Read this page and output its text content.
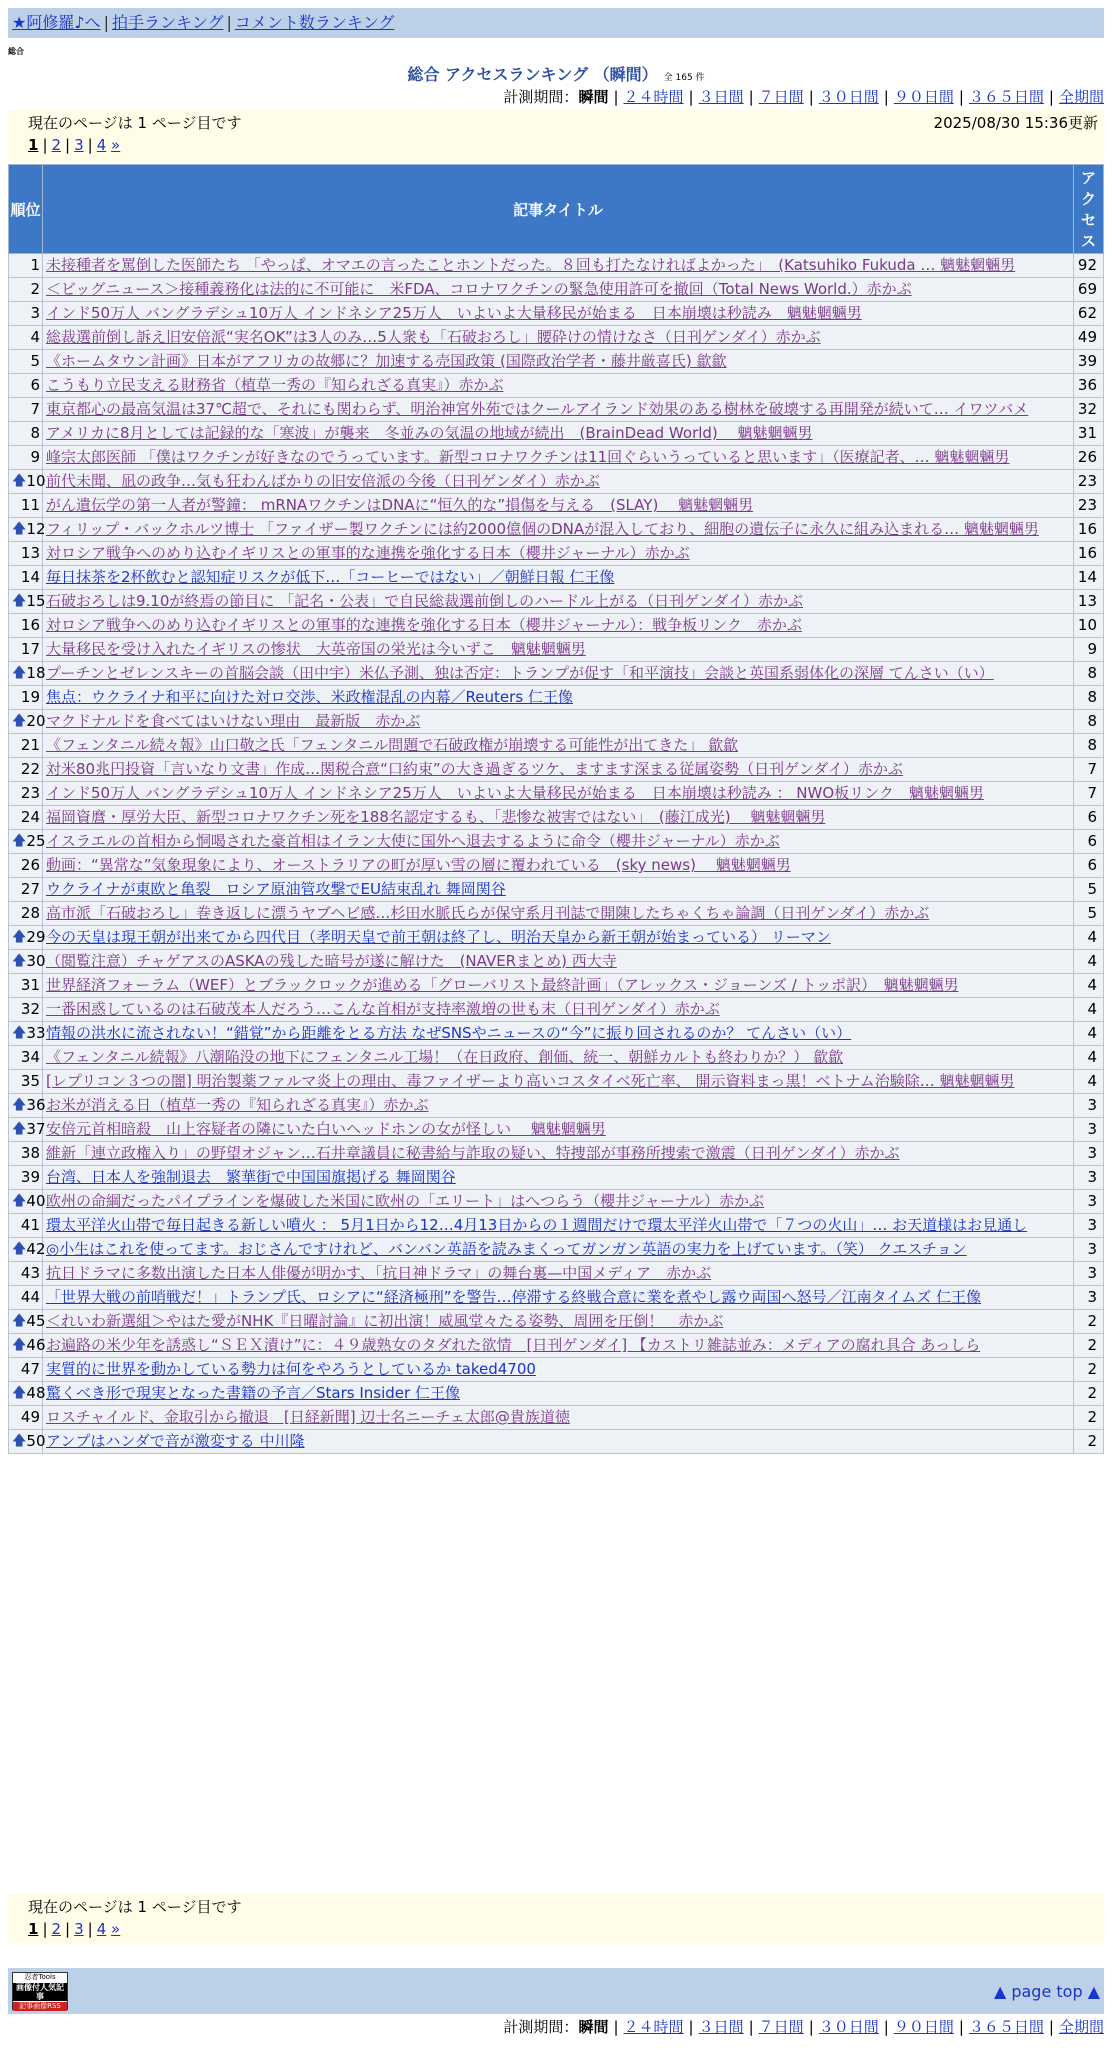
★阿修羅♪へ | 拍手ランキング | コメント数ランキング
総合
総合 アクセスランキング （瞬間） 全 165 件
計測期間：瞬間 | ２４時間 | ３日間 | ７日間 | ３０日間 | ９０日間 | ３６５日間 | 全期間
現在のページは 1 ページ目です
1 | 2 | 3 | 4 »
2025/08/30 15:36更新
順位	記事タイトル	アクセス
1	未接種者を罵倒した医師たち 「やっぱ、オマエの言ったことホントだった。８回も打たなければよかった」　(Katsuhiko Fukuda … 魑魅魍魎男	92
2	＜ビッグニュース＞接種義務化は法的に不可能に　米FDA、コロナワクチンの緊急使用許可を撤回（Total News World.）赤かぶ	69
3	インド50万人 バングラデシュ10万人 インドネシア25万人　いよいよ大量移民が始まる　日本崩壊は秒読み　魑魅魍魎男	62
4	総裁選前倒し訴え旧安倍派“実名OK”は3人のみ…5人衆も「石破おろし」腰砕けの情けなさ（日刊ゲンダイ）赤かぶ	49
5	《ホームタウン計画》日本がアフリカの故郷に？加速する売国政策 (国際政治学者・藤井厳喜氏) 歙歙	39
6	こうもり立民支える財務省（植草一秀の『知られざる真実』）赤かぶ	36
7	東京都心の最高気温は37℃超で、それにも関わらず、明治神宮外苑ではクールアイランド効果のある樹林を破壊する再開発が続いて… イワツバメ	32
8	アメリカに8月としては記録的な「寒波」が襲来　冬並みの気温の地域が続出　(BrainDead World)　 魑魅魍魎男	31
9	峰宗太郎医師 「僕はワクチンが好きなのでうっています。新型コロナワクチンは11回ぐらいうっていると思います」（医療記者、… 魑魅魍魎男	26

🡅 10	前代未聞、凪の政争…気も狂わんばかりの旧安倍派の今後（日刊ゲンダイ）赤かぶ	23
11	がん遺伝学の第一人者が警鐘： mRNAワクチンはDNAに“恒久的な”損傷を与える　(SLAY)　 魑魅魍魎男	23

🡅 12	フィリップ・バックホルツ博士 「ファイザー製ワクチンには約2000億個のDNAが混入しており、細胞の遺伝子に永久に組み込まれる… 魑魅魍魎男	16
13	対ロシア戦争へのめり込むイギリスとの軍事的な連携を強化する日本（櫻井ジャーナル）赤かぶ	16
14	毎日抹茶を2杯飲むと認知症リスクが低下…「コーヒーではない」／朝鮮日報 仁王像	14

🡅 15	石破おろしは9.10が終焉の節目に 「記名・公表」で自民総裁選前倒しのハードル上がる（日刊ゲンダイ）赤かぶ	13
16	対ロシア戦争へのめり込むイギリスとの軍事的な連携を強化する日本（櫻井ジャーナル）：戦争板リンク　赤かぶ	10
17	大量移民を受け入れたイギリスの惨状　大英帝国の栄光は今いずこ　魑魅魍魎男	9

🡅 18	プーチンとゼレンスキーの首脳会談（田中宇）米仏予測、独は否定：トランプが促す「和平演技」会談と英国系弱体化の深層 てんさい（い）	8
19	焦点：ウクライナ和平に向けた対ロ交渉、米政権混乱の内幕／Reuters 仁王像	8

🡅 20	マクドナルドを食べてはいけない理由　最新版　赤かぶ	8
21	《フェンタニル続々報》山口敬之氏「フェンタニル問題で石破政権が崩壊する可能性が出てきた」 歙歙	8
22	対米80兆円投資「言いなり文書」作成…関税合意“口約束”の大き過ぎるツケ、ますます深まる従属姿勢（日刊ゲンダイ）赤かぶ	7
23	インド50万人 バングラデシュ10万人 インドネシア25万人　いよいよ大量移民が始まる　日本崩壊は秒読み ： NWO板リンク　魑魅魍魎男	7
24	福岡資麿・厚労大臣、新型コロナワクチン死を188名認定するも、「悲惨な被害ではない」　(藤江成光)　 魑魅魍魎男	6

🡅 25	イスラエルの首相から恫喝された豪首相はイラン大使に国外へ退去するように命令（櫻井ジャーナル）赤かぶ	6
26	動画：“異常な”気象現象により、オーストラリアの町が厚い雪の層に覆われている　(sky news)　 魑魅魍魎男	6
27	ウクライナが東欧と亀裂　ロシア原油管攻撃でEU結束乱れ 舞岡関谷	5
28	高市派「石破おろし」巻き返しに漂うヤブヘビ感…杉田水脈氏らが保守系月刊誌で開陳したちゃくちゃ論調（日刊ゲンダイ）赤かぶ	5

🡅 29	今の天皇は現王朝が出来てから四代目（孝明天皇で前王朝は終了し、明治天皇から新王朝が始まっている） リーマン	4

🡅 30	（閲覧注意）チャゲアスのASKAの残した暗号が遂に解けた　(NAVERまとめ) 西大寺	4
31	世界経済フォーラム（WEF）とブラックロックが進める「グローバリスト最終計画」（アレックス・ジョーンズ / トッポ訳）　魑魅魍魎男	4
32	一番困惑しているのは石破茂本人だろう…こんな首相が支持率激増の世も末（日刊ゲンダイ）赤かぶ	4

🡅 33	情報の洪水に流されない！“錯覚”から距離をとる方法 なぜSNSやニュースの“今”に振り回されるのか？ てんさい（い）	4
34	《フェンタニル続報》八潮陥没の地下にフェンタニル工場！（在日政府、創価、統一、朝鮮カルトも終わりか？） 歙歙	4
35	[レプリコン３つの闇] 明治製薬ファルマ炎上の理由、毒ファイザーより高いコスタイベ死亡率、 開示資料まっ黒！ベトナム治験除… 魑魅魍魎男	4

🡅 36	お米が消える日（植草一秀の『知られざる真実』）赤かぶ	3

🡅 37	安倍元首相暗殺　山上容疑者の隣にいた白いヘッドホンの女が怪しい　 魑魅魍魎男	3
38	維新「連立政権入り」の野望オジャン…石井章議員に秘書給与詐取の疑い、特捜部が事務所捜索で激震（日刊ゲンダイ）赤かぶ	3
39	台湾、日本人を強制退去　繁華街で中国国旗掲げる 舞岡関谷	3

🡅 40	欧州の命綱だったパイプラインを爆破した米国に欧州の「エリート」はへつらう（櫻井ジャーナル）赤かぶ	3
41	環太平洋火山帯で毎日起きる新しい噴火 ： 5月1日から12…4月13日からの１週間だけで環太平洋火山帯で「７つの火山」… お天道様はお見通し	3

🡅 42	◎小生はこれを使ってます。おじさんですけれど、バンバン英語を読みまくってガンガン英語の実力を上げています。（笑） クエスチョン	3
43	抗日ドラマに多数出演した日本人俳優が明かす、「抗日神ドラマ」の舞台裏—中国メディア　赤かぶ	3
44	「世界大戦の前哨戦だ！」トランプ氏、ロシアに“経済極刑”を警告…停滞する終戦合意に業を煮やし露ウ両国へ怒号／江南タイムズ 仁王像	3

🡅 45	＜れいわ新選組＞やはた愛がNHK『日曜討論』に初出演！威風堂々たる姿勢、周囲を圧倒！　赤かぶ	2

🡅 46	お遍路の米少年を誘惑し“ＳＥＸ漬け”に：４９歳熟女のタダれた欲情　[日刊ゲンダイ] 【カストリ雑誌並み：メディアの腐れ具合 あっしら	2
47	実質的に世界を動かしている勢力は何をやろうとしているか taked4700	2

🡅 48	驚くべき形で現実となった書籍の予言／Stars Insider 仁王像	2
49	ロスチャイルド、金取引から撤退　[日経新聞] 辺士名ニーチェ太郎@貴族道徳	2

🡅 50	アンプはハンダで音が激変する 中川隆	2
現在のページは 1 ページ目です
1 | 2 | 3 | 4 »
計測期間：瞬間 | ２４時間 | ３日間 | ７日間 | ３０日間 | ９０日間 | ３６５日間 | 全期間
忍者Tools
画像付人気記事
記事画像RSS
▲ page top ▲
